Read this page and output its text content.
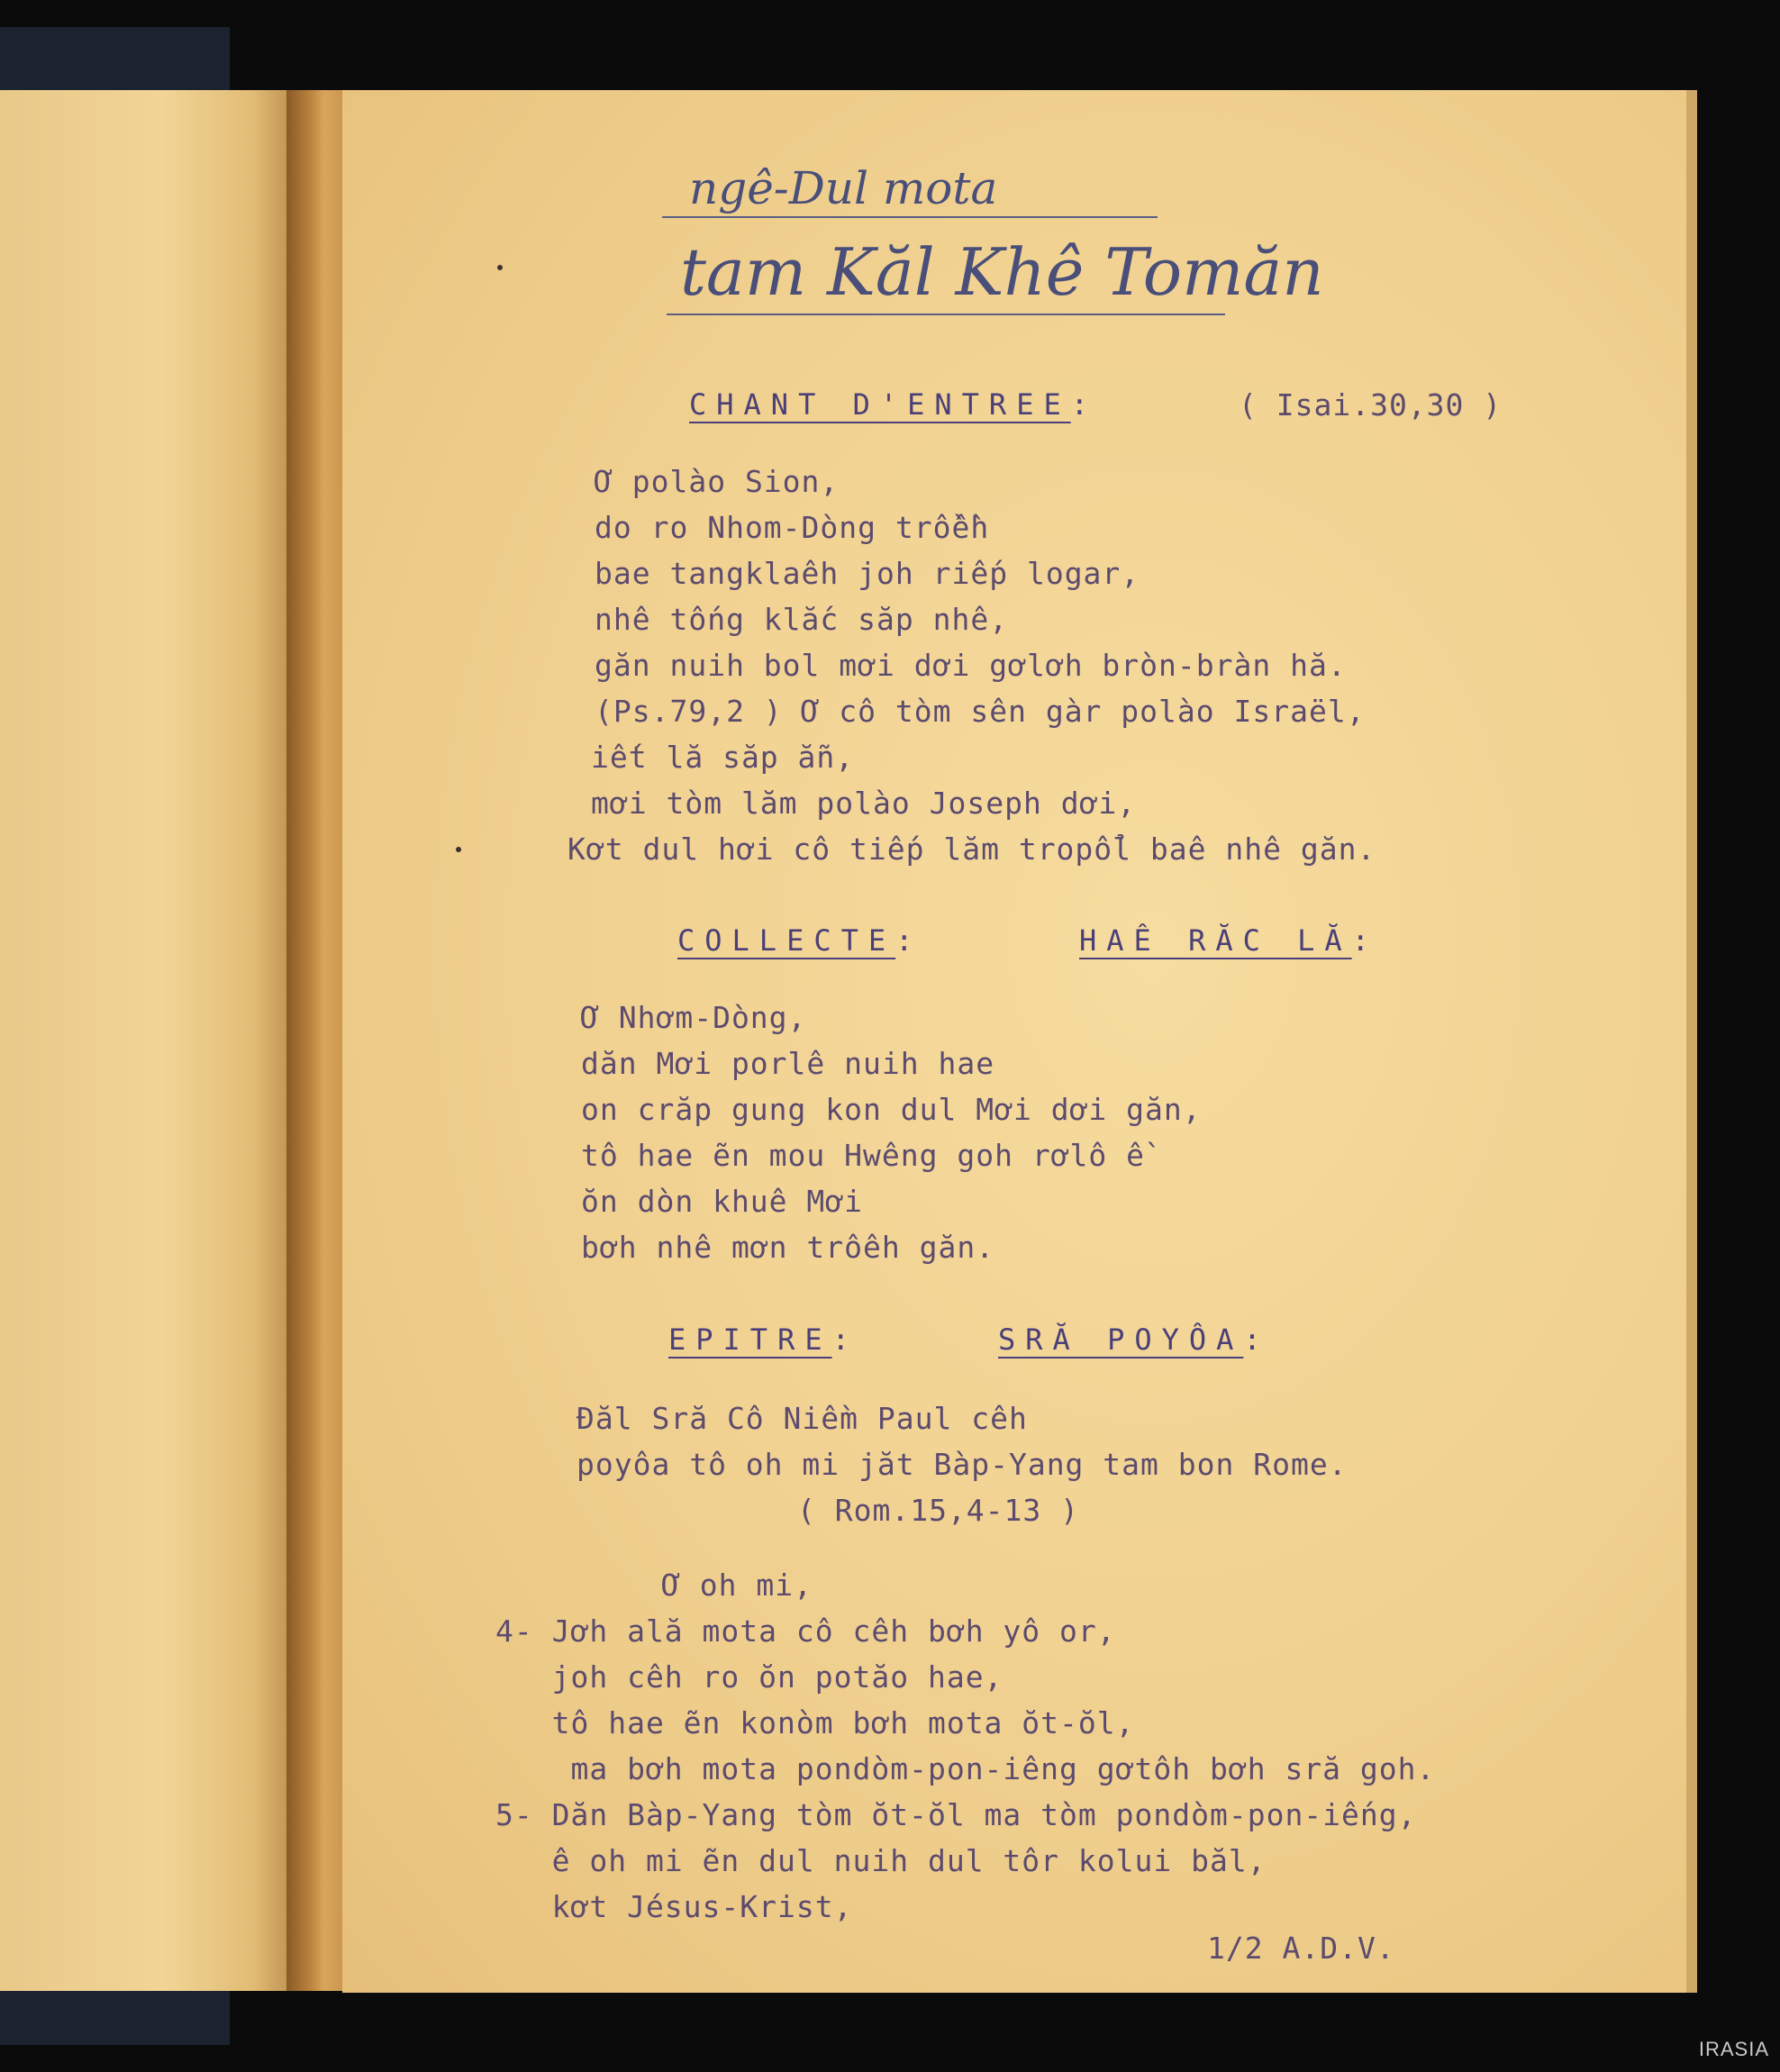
ngê-Dul mota
tam Kăl Khê Tomăn
CHANT D'ENTREE:	( Isai.30,30 )
Ơ polào Sion,
do ro Nhom-Dòng trồềh
bae tangklaêh joh riếp logar,
nhê tống klắc săp nhê,
găn nuih bol mơi dơi gơlơh bròn-bràn hă.
(Ps.79,2 ) Ơ cô tòm sên gàr polào Israël,
iết lă săp ẵn,
mơi tòm lăm polào Joseph dơi,
Kơt dul hơi cô tiếp lăm tropổl baê nhê găn.
COLLECTE:	HAÊ RĂC LĂ:
Ơ Nhơm-Dòng,
dăn Mơi porlê nuih hae
on crăp gung kon dul Mơi dơi găn,
tô hae ẽn mou Hwêng goh rơlô ề
ŏn dòn khuê Mơi
bơh nhê mơn trôêh găn.
EPITRE:	SRĂ POYÔA:
Đăl Sră Cô Niềm Paul cêh
poyôa tô oh mi jăt Bàp-Yang tam bon Rome.
( Rom.15,4-13 )
Ơ oh mi,
4- Jơh ală mota cô cêh bơh yô or,
joh cêh ro ŏn potăo hae,
tô hae ẽn konòm bơh mota ŏt-ŏl,
ma bơh mota pondòm-pon-iêng gơtôh bơh sră goh.
5- Dăn Bàp-Yang tòm ŏt-ŏl ma tòm pondòm-pon-iếng,
ê oh mi ẽn dul nuih dul tôr kolui băl,
kơt Jésus-Krist,
1/2 A.D.V.
IRASIA
